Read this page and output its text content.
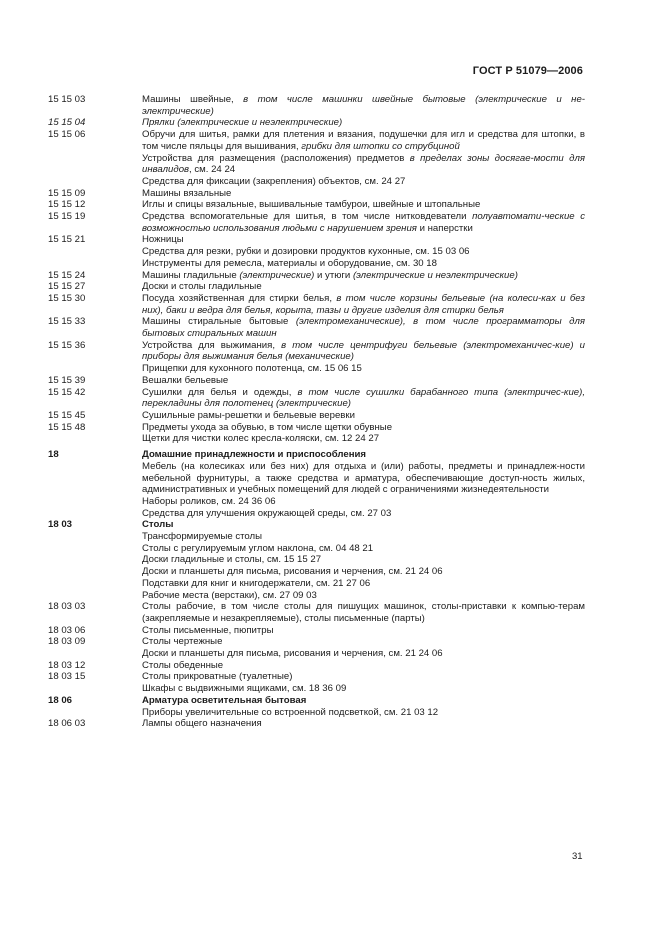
ГОСТ Р 51079—2006
15 15 03	Машины швейные, в том числе машинки швейные бытовые (электрические и не-электрические)
15 15 04	Прялки (электрические и неэлектрические)
15 15 06	Обручи для шитья, рамки для плетения и вязания, подушечки для игл и средства для штопки, в том числе пяльцы для вышивания, грибки для штопки со струбциной
Устройства для размещения (расположения) предметов в пределах зоны досягае-мости для инвалидов, см. 24 24
Средства для фиксации (закрепления) объектов, см. 24 27
15 15 09	Машины вязальные
15 15 12	Иглы и спицы вязальные, вышивальные тамбурои, швейные и штопальные
15 15 19	Средства вспомогательные для шитья, в том числе нитковдеватели полуавтомати-ческие с возможностью использования людьми с нарушением зрения и наперстки
15 15 21	Ножницы
Средства для резки, рубки и дозировки продуктов кухонные, см. 15 03 06
Инструменты для ремесла, материалы и оборудование, см. 30 18
15 15 24	Машины гладильные (электрические) и утюги (электрические и неэлектрические)
15 15 27	Доски и столы гладильные
15 15 30	Посуда хозяйственная для стирки белья, в том числе корзины бельевые (на колеси-ках и без них), баки и ведра для белья, корыта, тазы и другие изделия для стирки белья
15 15 33	Машины стиральные бытовые (электромеханические), в том числе программаторы для бытовых стиральных машин
15 15 36	Устройства для выжимания, в том числе центрифуги бельевые (электромеханичес-кие) и приборы для выжимания белья (механические)
Прищепки для кухонного полотенца, см. 15 06 15
15 15 39	Вешалки бельевые
15 15 42	Сушилки для белья и одежды, в том числе сушилки барабанного типа (электричес-кие), перекладины для полотенец (электрические)
15 15 45	Сушильные рамы-решетки и бельевые веревки
15 15 48	Предметы ухода за обувью, в том числе щетки обувные
Щетки для чистки колес кресла-коляски, см. 12 24 27
18	Домашние принадлежности и приспособления
Мебель (на колесиках или без них) для отдыха и (или) работы, предметы и принадлеж-ности мебельной фурнитуры, а также средства и арматура, обеспечивающие доступ-ность жилых, административных и учебных помещений для людей с ограничениями жизнедеятельности
Наборы роликов, см. 24 36 06
Средства для улучшения окружающей среды, см. 27 03
18 03	Столы
Трансформируемые столы
Столы с регулируемым углом наклона, см. 04 48 21
Доски гладильные и столы, см. 15 15 27
Доски и планшеты для письма, рисования и черчения, см. 21 24 06
Подставки для книг и книгодержатели, см. 21 27 06
Рабочие места (верстаки), см. 27 09 03
18 03 03	Столы рабочие, в том числе столы для пишущих машинок, столы-приставки к компью-терам (закрепляемые и незакрепляемые), столы письменные (парты)
18 03 06	Столы письменные, пюпитры
18 03 09	Столы чертежные
Доски и планшеты для письма, рисования и черчения, см. 21 24 06
18 03 12	Столы обеденные
18 03 15	Столы прикроватные (туалетные)
Шкафы с выдвижными ящиками, см. 18 36 09
18 06	Арматура осветительная бытовая
Приборы увеличительные со встроенной подсветкой, см. 21 03 12
18 06 03	Лампы общего назначения
31
